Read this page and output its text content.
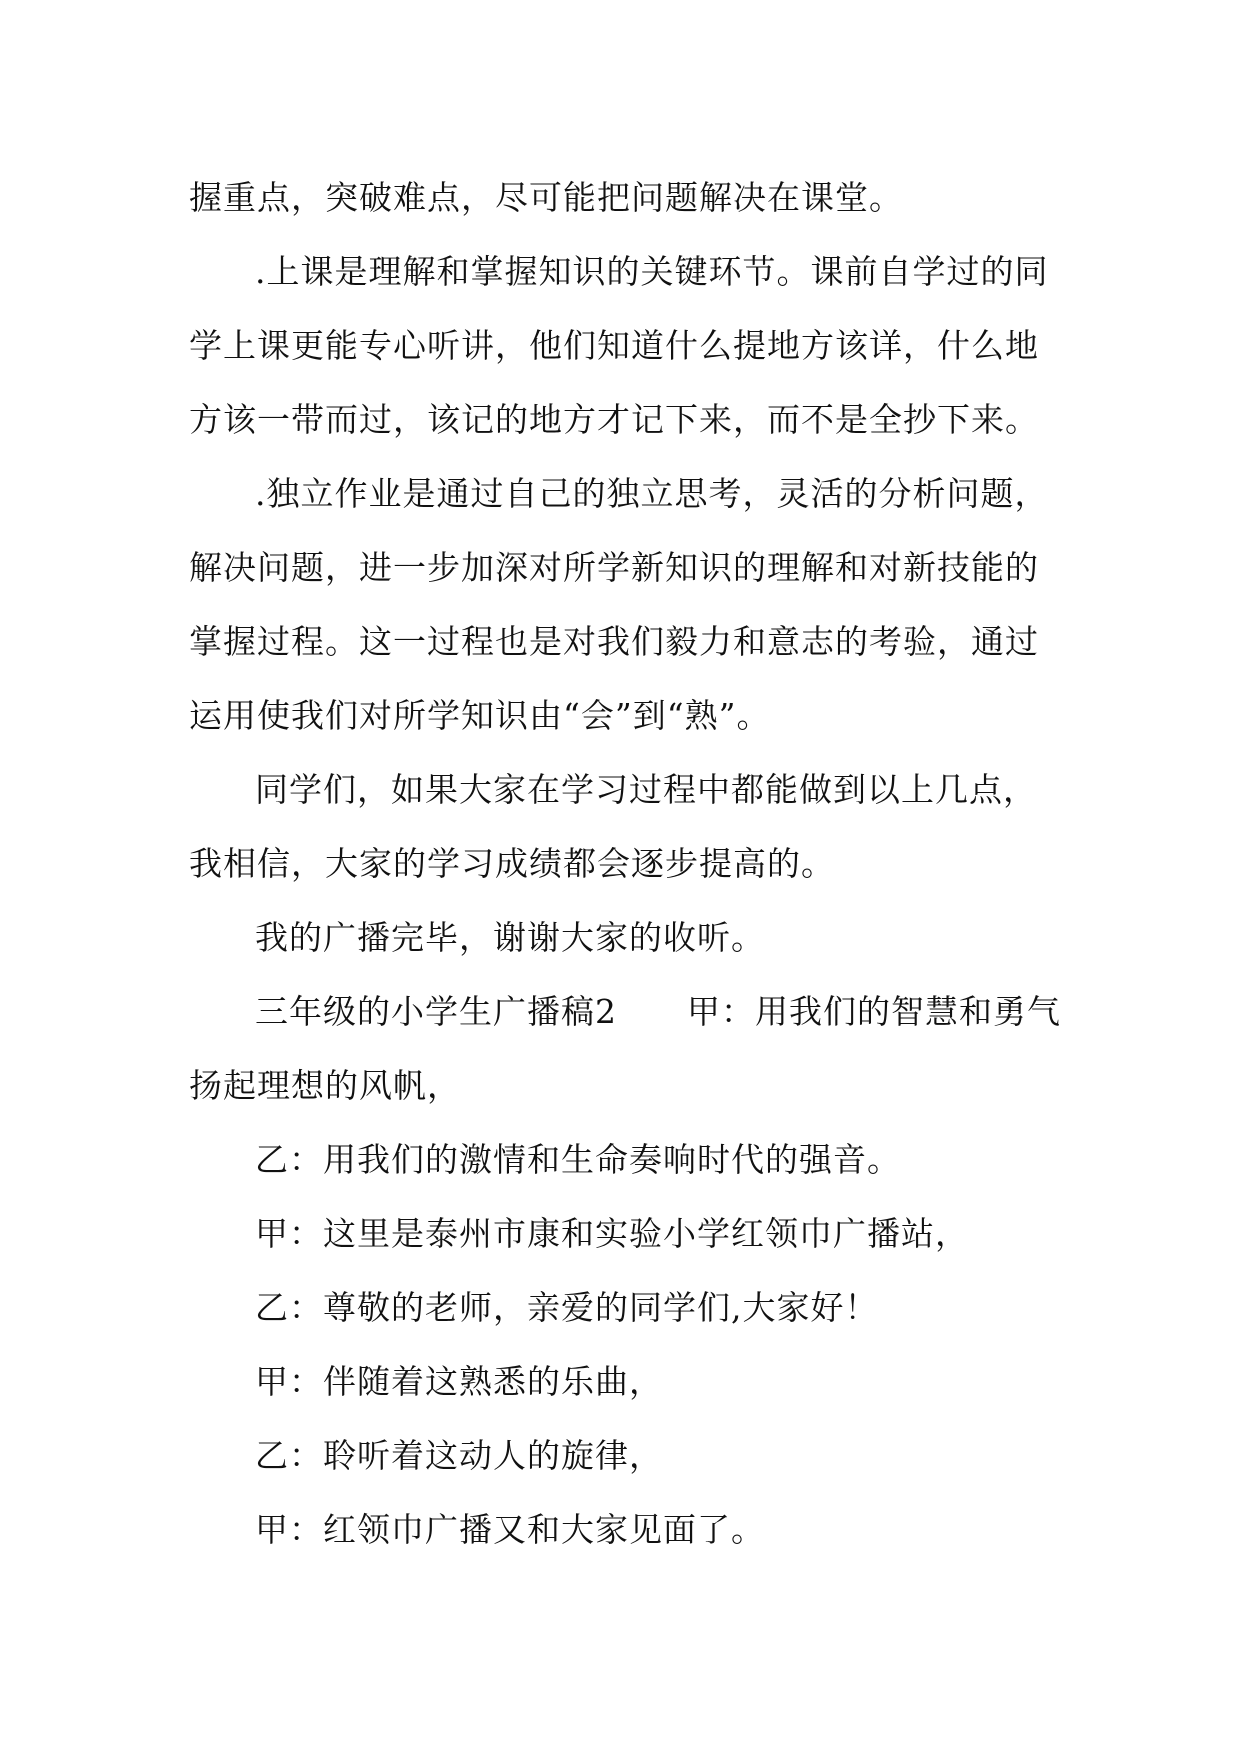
握重点，突破难点，尽可能把问题解决在课堂。
.上课是理解和掌握知识的关键环节。课前自学过的同
学上课更能专心听讲，他们知道什么提地方该详，什么地
方该一带而过，该记的地方才记下来，而不是全抄下来。
.独立作业是通过自己的独立思考，灵活的分析问题，
解决问题，进一步加深对所学新知识的理解和对新技能的
掌握过程。这一过程也是对我们毅力和意志的考验，通过
运用使我们对所学知识由“会”到“熟”。
同学们，如果大家在学习过程中都能做到以上几点，
我相信，大家的学习成绩都会逐步提高的。
我的广播完毕，谢谢大家的收听。
三年级的小学生广播稿2 甲：用我们的智慧和勇气
扬起理想的风帆，
乙：用我们的激情和生命奏响时代的强音。
甲：这里是泰州市康和实验小学红领巾广播站，
乙：尊敬的老师，亲爱的同学们,大家好！
甲：伴随着这熟悉的乐曲，
乙：聆听着这动人的旋律，
甲：红领巾广播又和大家见面了。
